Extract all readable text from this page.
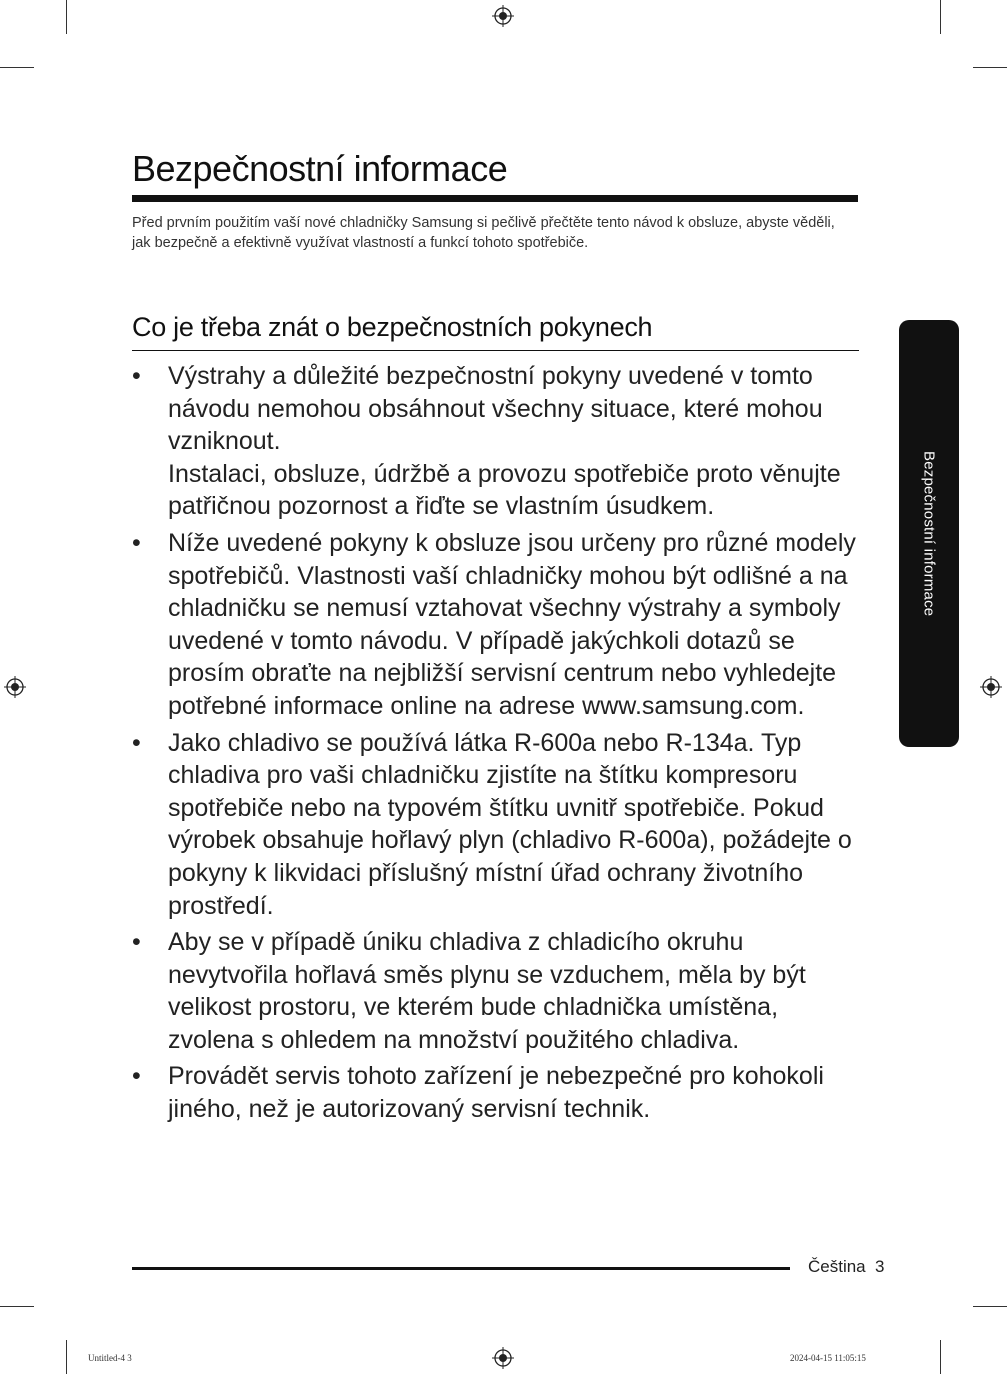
Bezpečnostní informace

Před prvním použitím vaší nové chladničky Samsung si pečlivě přečtěte tento návod k obsluze, abyste věděli, jak bezpečně a efektivně využívat vlastností a funkcí tohoto spotřebiče.

Co je třeba znát o bezpečnostních pokynech
• Výstrahy a důležité bezpečnostní pokyny uvedené v tomto návodu nemohou obsáhnout všechny situace, které mohou vzniknout.

Instalaci, obsluze, údržbě a provozu spotřebiče proto věnujte patřičnou pozornost a řiďte se vlastním úsudkem.

• Níže uvedené pokyny k obsluze jsou určeny pro různé modely spotřebičů. Vlastnosti vaší chladničky mohou být odlišné a na chladničku se nemusí vztahovat všechny výstrahy a symboly uvedené v tomto návodu. V případě jakýchkoli dotazů se prosím obraťte na nejbližší servisní centrum nebo vyhledejte potřebné informace online na adrese www.samsung.com.

• Jako chladivo se používá látka R-600a nebo R-134a. Typ chladiva pro vaši chladničku zjistíte na štítku kompresoru spotřebiče nebo na typovém štítku uvnitř spotřebiče. Pokud výrobek obsahuje hořlavý plyn (chladivo R-600a), požádejte o pokyny k likvidaci příslušný místní úřad ochrany životního prostředí.

• Aby se v případě úniku chladiva z chladicího okruhu nevytvořila hořlavá směs plynu se vzduchem, měla by být velikost prostoru, ve kterém bude chladnička umístěna, zvolena s ohledem na množství použitého chladiva.

• Provádět servis tohoto zařízení je nebezpečné pro kohokoli jiného, než je autorizovaný servisní technik.

Bezpečnostní informace
Čeština 3
Untitled-4 3	2024-04-15 11:05:15
